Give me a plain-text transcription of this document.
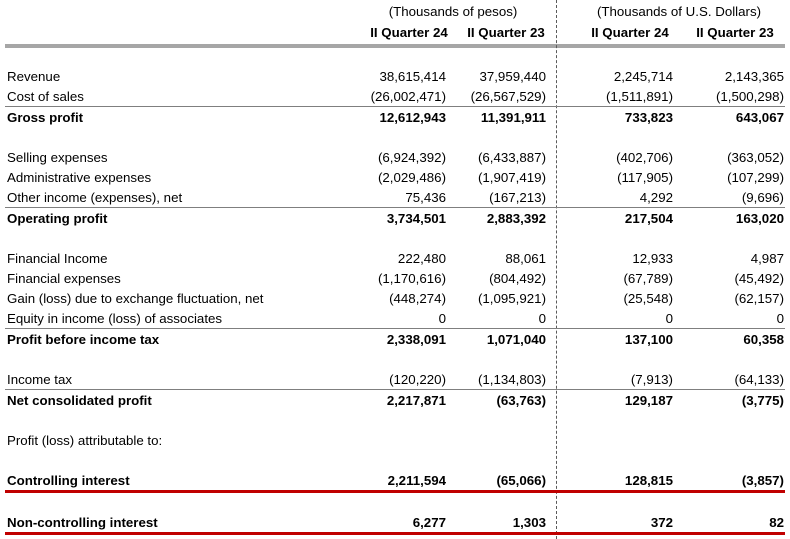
(Thousands of pesos)	(Thousands of U.S. Dollars)
II Quarter 24	II Quarter 23	II Quarter 24	II Quarter 23
Revenue	38,615,414	37,959,440	2,245,714	2,143,365
Cost of sales	(26,002,471)	(26,567,529)	(1,511,891)	(1,500,298)
Gross profit	12,612,943	11,391,911	733,823	643,067
Selling expenses	(6,924,392)	(6,433,887)	(402,706)	(363,052)
Administrative expenses	(2,029,486)	(1,907,419)	(117,905)	(107,299)
Other income (expenses), net	75,436	(167,213)	4,292	(9,696)
Operating profit	3,734,501	2,883,392	217,504	163,020
Financial Income	222,480	88,061	12,933	4,987
Financial expenses	(1,170,616)	(804,492)	(67,789)	(45,492)
Gain (loss) due to exchange fluctuation, net	(448,274)	(1,095,921)	(25,548)	(62,157)
Equity in income (loss) of associates	0	0	0	0
Profit before income tax	2,338,091	1,071,040	137,100	60,358
Income tax	(120,220)	(1,134,803)	(7,913)	(64,133)
Net consolidated profit	2,217,871	(63,763)	129,187	(3,775)
Profit (loss) attributable to:
Controlling interest	2,211,594	(65,066)	128,815	(3,857)
Non-controlling interest	6,277	1,303	372	82
